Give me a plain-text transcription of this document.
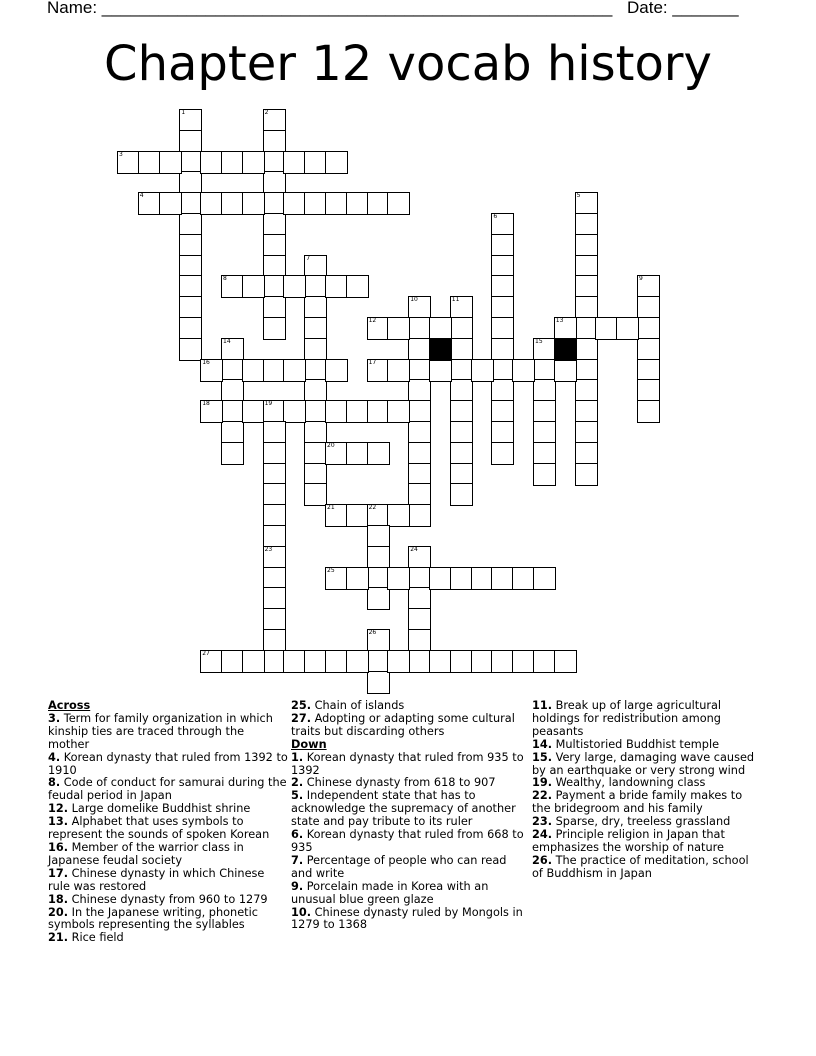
Name: ______________________________________________________ Date: _______
Chapter 12 vocab history
1	2
3
4	5
6
7
8	9
10	11
12	13
14	15
16	17
18	19
20
21	22
23	24
25
26
27
Across
3. Term for family organization in which kinship ties are traced through the mother
4. Korean dynasty that ruled from 1392 to 1910
8. Code of conduct for samurai during the feudal period in Japan
12. Large domelike Buddhist shrine
13. Alphabet that uses symbols to represent the sounds of spoken Korean
16. Member of the warrior class in Japanese feudal society
17. Chinese dynasty in which Chinese rule was restored
18. Chinese dynasty from 960 to 1279
20. In the Japanese writing, phonetic symbols representing the syllables
21. Rice field
25. Chain of islands
27. Adopting or adapting some cultural traits but discarding others
Down
1. Korean dynasty that ruled from 935 to 1392
2. Chinese dynasty from 618 to 907
5. Independent state that has to acknowledge the supremacy of another state and pay tribute to its ruler
6. Korean dynasty that ruled from 668 to 935
7. Percentage of people who can read and write
9. Porcelain made in Korea with an unusual blue green glaze
10. Chinese dynasty ruled by Mongols in 1279 to 1368
11. Break up of large agricultural holdings for redistribution among peasants
14. Multistoried Buddhist temple
15. Very large, damaging wave caused by an earthquake or very strong wind
19. Wealthy, landowning class
22. Payment a bride family makes to the bridegroom and his family
23. Sparse, dry, treeless grassland
24. Principle religion in Japan that emphasizes the worship of nature
26. The practice of meditation, school of Buddhism in Japan
